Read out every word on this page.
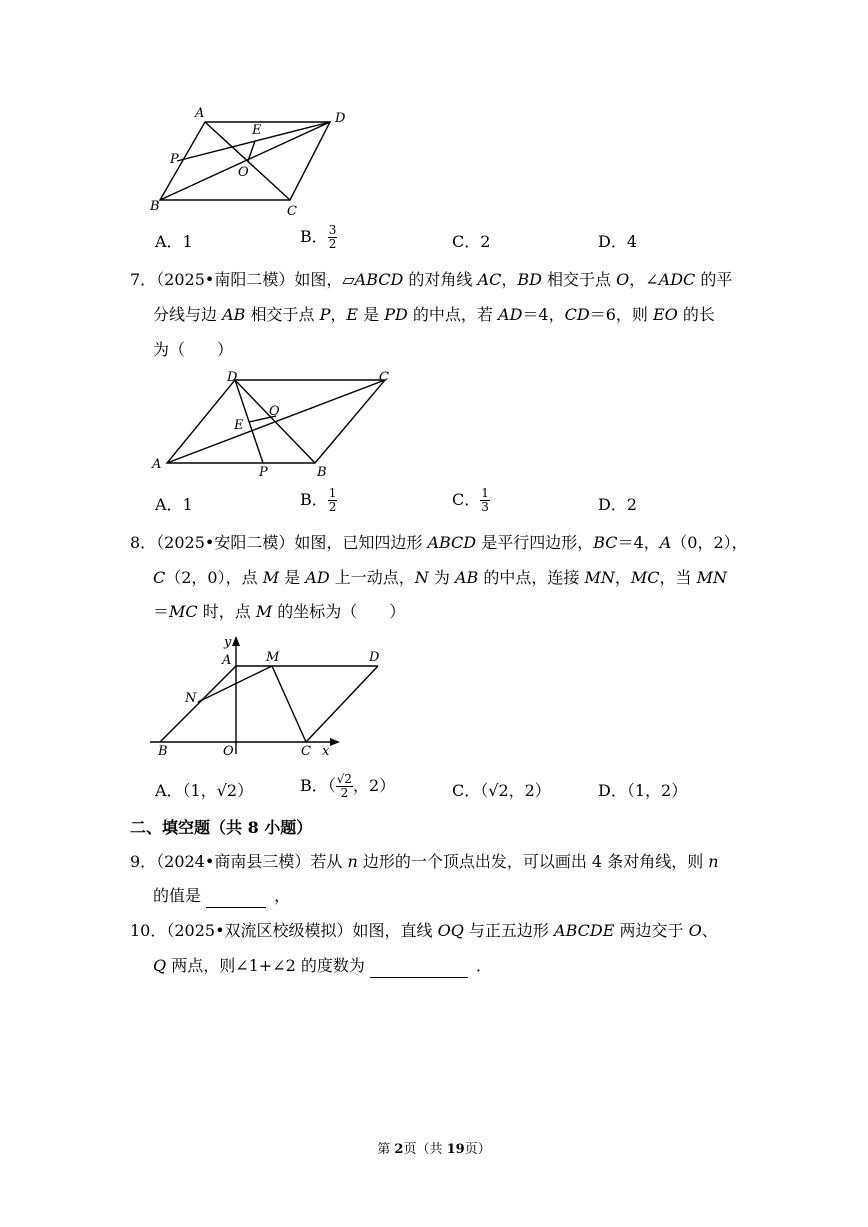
A	D
B	C
E
O
P
A．1	B． $\frac{3}{2}$	C．2	D．4
7．（2025•南阳二模）如图，▱ABCD 的对角线 AC，BD 相交于点 O，∠ADC 的平
分线与边 AB 相交于点 P，E 是 PD 的中点，若 AD＝4，CD＝6，则 EO 的长
为（　　）
D	C
A
B
P
E
O
A．1	B． $\frac{1}{2}$	C． $\frac{1}{3}$	D．2
8．（2025•安阳二模）如图，已知四边形 ABCD 是平行四边形，BC＝4，A（0，2），
C（2，0），点 M 是 AD 上一动点，N 为 AB 的中点，连接 MN，MC，当 MN
＝MC 时，点 M 的坐标为（　　）
y
A	M	D
N
B	O	C x
A．（1，√2）	B．（ $\frac{√2}{2}$ ，2）	C．（√2，2）	D．（1，2）
二、填空题（共 8 小题）
9．（2024•商南县三模）若从 n 边形的一个顶点出发，可以画出 4 条对角线，则 n
的值是	，
10．（2025•双流区校级模拟）如图，直线 OQ 与正五边形 ABCDE 两边交于 O、
Q 两点，则∠1+∠2 的度数为	．
第 2页（共 19页）
